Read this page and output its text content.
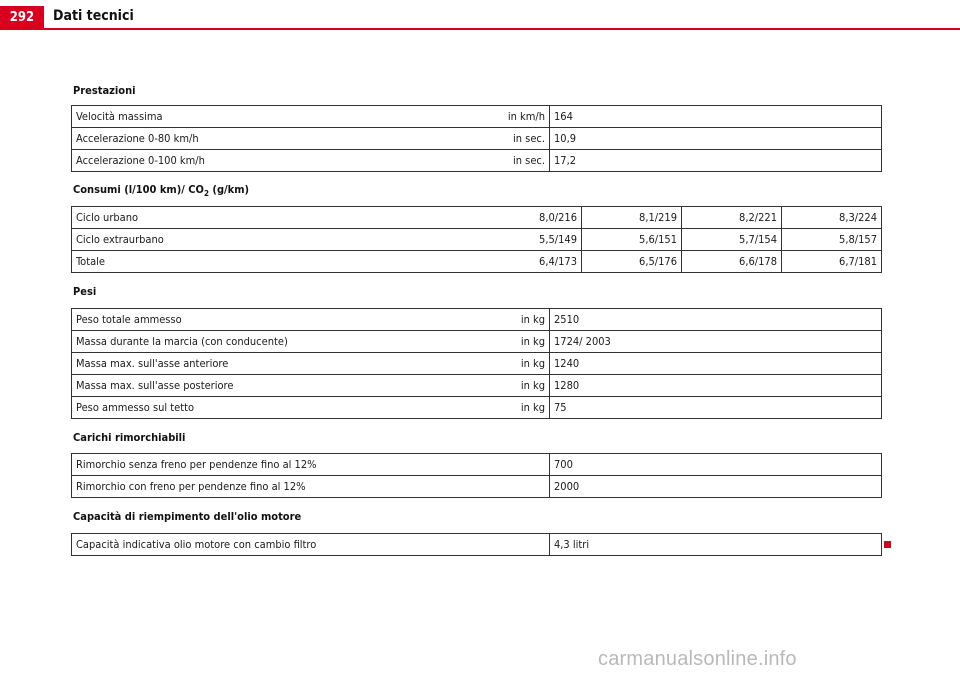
292	Dati tecnici
Prestazioni
Velocità massima	in km/h	164
Accelerazione 0-80 km/h	in sec.	10,9
Accelerazione 0-100 km/h	in sec.	17,2
Consumi (l/100 km)/ $CO_2$ (g/km)
Ciclo urbano	8,0/216	8,1/219	8,2/221	8,3/224
Ciclo extraurbano	5,5/149	5,6/151	5,7/154	5,8/157
Totale	6,4/173	6,5/176	6,6/178	6,7/181
Pesi
Peso totale ammesso	in kg	2510
Massa durante la marcia (con conducente)	in kg	1724/ 2003
Massa max. sull'asse anteriore	in kg	1240
Massa max. sull'asse posteriore	in kg	1280
Peso ammesso sul tetto	in kg	75
Carichi rimorchiabili
Rimorchio senza freno per pendenze fino al 12%		700
Rimorchio con freno per pendenze fino al 12%		2000
Capacità di riempimento dell'olio motore
Capacità indicativa olio motore con cambio filtro		4,3 litri
carmanualsonline.info
